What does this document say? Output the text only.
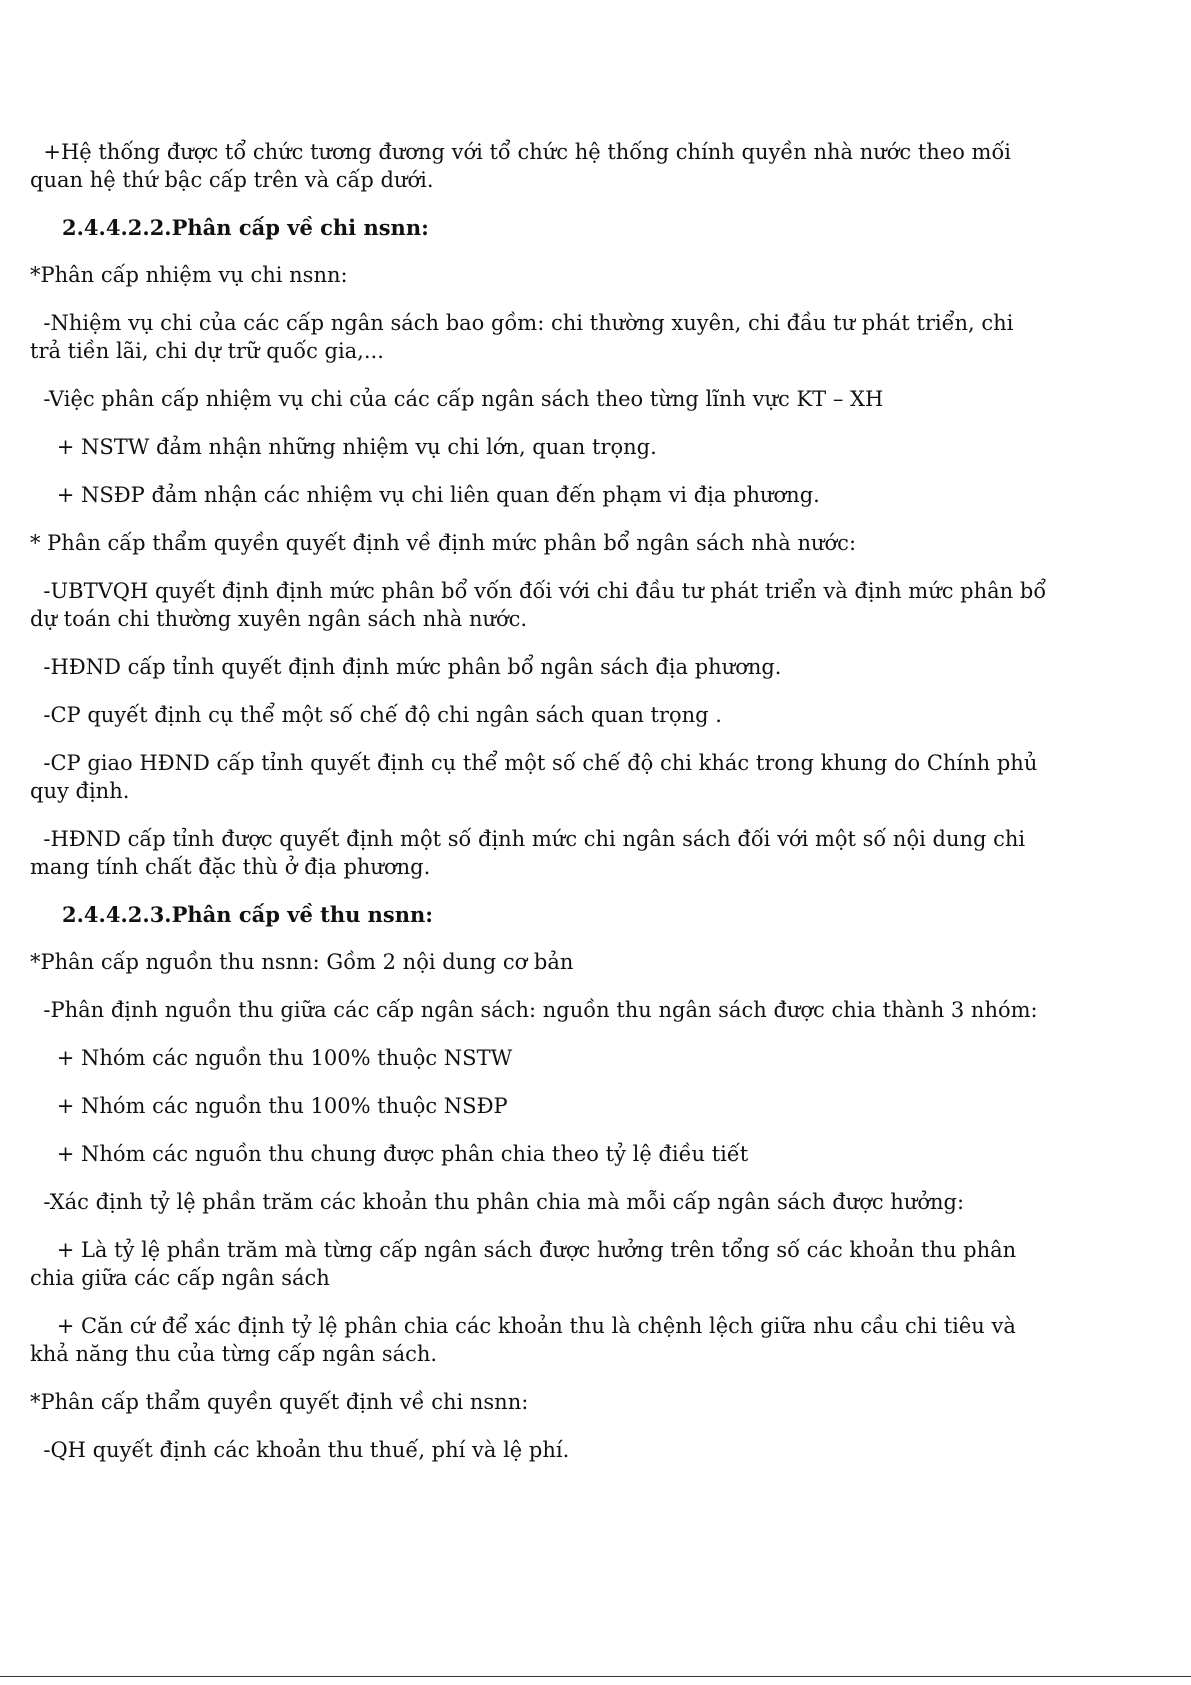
+Hệ thống được tổ chức tương đương với tổ chức hệ thống chính quyền nhà nước theo mối quan hệ thứ bậc cấp trên và cấp dưới.

2.4.4.2.2.Phân cấp về chi nsnn:

*Phân cấp nhiệm vụ chi nsnn:

-Nhiệm vụ chi của các cấp ngân sách bao gồm: chi thường xuyên, chi đầu tư phát triển, chi trả tiền lãi, chi dự trữ quốc gia,...

-Việc phân cấp nhiệm vụ chi của các cấp ngân sách theo từng lĩnh vực KT – XH

+ NSTW đảm nhận những nhiệm vụ chi lớn, quan trọng.

+ NSĐP đảm nhận các nhiệm vụ chi liên quan đến phạm vi địa phương.

* Phân cấp thẩm quyền quyết định về định mức phân bổ ngân sách nhà nước:

-UBTVQH quyết định định mức phân bổ vốn đối với chi đầu tư phát triển và định mức phân bổ dự toán chi thường xuyên ngân sách nhà nước.

-HĐND cấp tỉnh quyết định định mức phân bổ ngân sách địa phương.

-CP quyết định cụ thể một số chế độ chi ngân sách quan trọng .

-CP giao HĐND cấp tỉnh quyết định cụ thể một số chế độ chi khác trong khung do Chính phủ quy định.

-HĐND cấp tỉnh được quyết định một số định mức chi ngân sách đối với một số nội dung chi mang tính chất đặc thù ở địa phương.

2.4.4.2.3.Phân cấp về thu nsnn:

*Phân cấp nguồn thu nsnn: Gồm 2 nội dung cơ bản

-Phân định nguồn thu giữa các cấp ngân sách: nguồn thu ngân sách được chia thành 3 nhóm:

+ Nhóm các nguồn thu 100% thuộc NSTW

+ Nhóm các nguồn thu 100% thuộc NSĐP

+ Nhóm các nguồn thu chung được phân chia theo tỷ lệ điều tiết

-Xác định tỷ lệ phần trăm các khoản thu phân chia mà mỗi cấp ngân sách được hưởng:

+ Là tỷ lệ phần trăm mà từng cấp ngân sách được hưởng trên tổng số các khoản thu phân chia giữa các cấp ngân sách

+ Căn cứ để xác định tỷ lệ phân chia các khoản thu là chệnh lệch giữa nhu cầu chi tiêu và khả năng thu của từng cấp ngân sách.

*Phân cấp thẩm quyền quyết định về chi nsnn:

-QH quyết định các khoản thu thuế, phí và lệ phí.
